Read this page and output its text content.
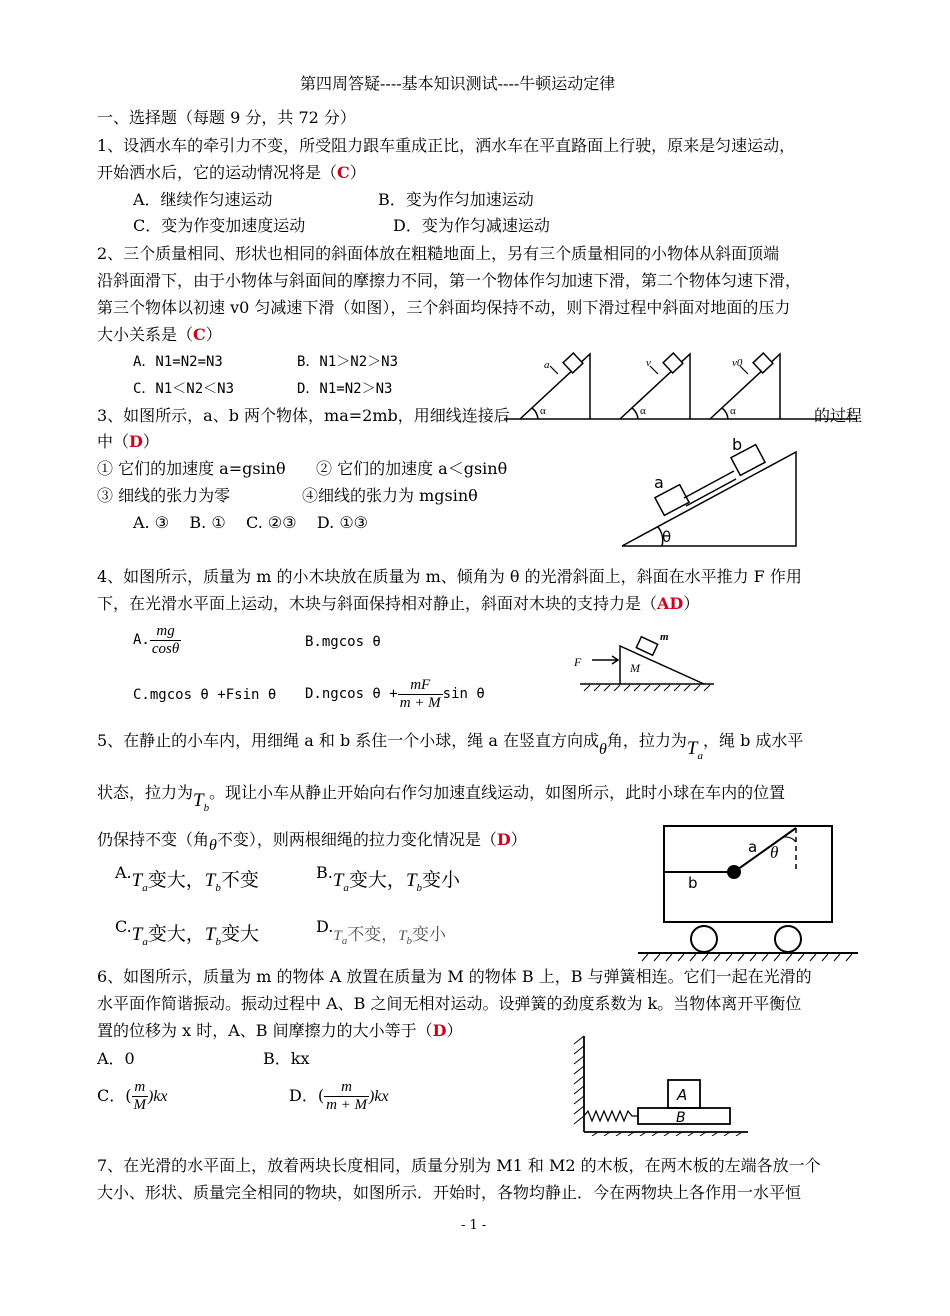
第四周答疑----基本知识测试----牛顿运动定律
一、选择题（每题 9 分，共 72 分）
1、设洒水车的牵引力不变，所受阻力跟车重成正比，洒水车在平直路面上行驶，原来是匀速运动，
开始洒水后，它的运动情况将是（C）
A．继续作匀速运动	B．变为作匀加速运动
C．变为作变加速度运动	D．变为作匀减速运动
2、三个质量相同、形状也相同的斜面体放在粗糙地面上，另有三个质量相同的小物体从斜面顶端
沿斜面滑下，由于小物体与斜面间的摩擦力不同，第一个物体作匀加速下滑，第二个物体匀速下滑，
第三个物体以初速 v0 匀减速下滑（如图），三个斜面均保持不动，则下滑过程中斜面对地面的压力
大小关系是（C）
A．N1=N2=N3	B．N1＞N2＞N3
C．N1＜N2＜N3	D．N1=N2＞N3
a	v	v0
α	α	α
3、如图所示，a、b 两个物体，ma=2mb，用细线连接后	的过程
中（D）
① 它们的加速度 a=gsinθ ② 它们的加速度 a＜gsinθ
③ 细线的张力为零	④细线的张力为 mgsinθ
A. ③    B. ①    C. ②③    D. ①③
a
b
θ
4、如图所示，质量为 m 的小木块放在质量为 m、倾角为 θ 的光滑斜面上，斜面在水平推力 F 作用
下，在光滑水平面上运动，木块与斜面保持相对静止，斜面对木块的支持力是（AD）
A. $\frac{mg}{\cos\theta}$	B.mgcos θ
C.mgcos θ +Fsin θ D.ngcos $\theta + \frac{mF}{m + M}$ sin θ
F	M
m
5、在静止的小车内，用细绳 a 和 b 系住一个小球，绳 a 在竖直方向成θ角，拉力为$T_a$，绳 b 成水平
状态，拉力为$T_b$。现让小车从静止开始向右作匀加速直线运动，如图所示，此时小球在车内的位置
仍保持不变（角θ不变），则两根细绳的拉力变化情况是（D）
$^{A.}T_a$变大，$T_b$不变	$^{B.}T_a$变大，$T_b$变小
$^{C.}T_a$变大，$T_b$变大	$^{D.}T_a$不变，$T_b$变小
a
b
θ
6、如图所示，质量为 m 的物体 A 放置在质量为 M 的物体 B 上，B 与弹簧相连。它们一起在光滑的
水平面作简谐振动。振动过程中 A、B 之间无相对运动。设弹簧的劲度系数为 k。当物体离开平衡位
置的位移为 x 时，A、B 间摩擦力的大小等于（D）
A．0	B．kx
C．( $\frac{m}{M} )kx$	D．( $\frac{m}{m + M} )kx$	A
B
7、在光滑的水平面上，放着两块长度相同，质量分别为 M1 和 M2 的木板，在两木板的左端各放一个
大小、形状、质量完全相同的物块，如图所示．开始时，各物均静止．今在两物块上各作用一水平恒
- 1 -
